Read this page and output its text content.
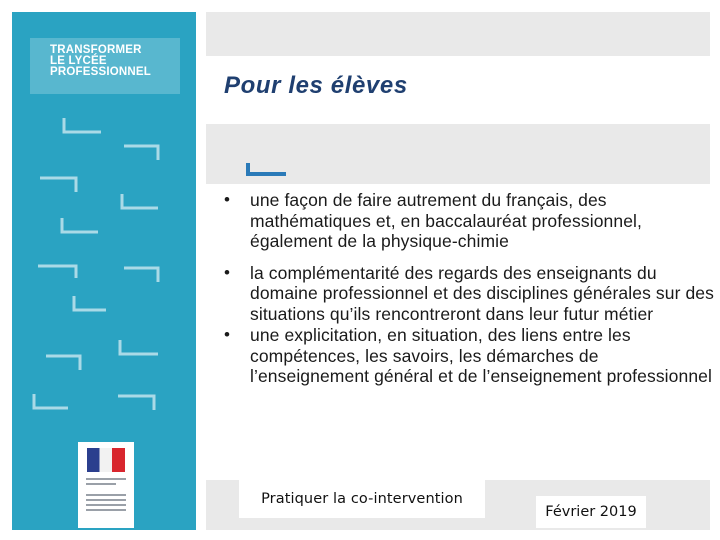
TRANSFORMER
LE LYCÉE
PROFESSIONNEL	Pour les élèves
• une façon de faire autrement du français, des mathématiques et, en baccalauréat professionnel, également de la physique-chimie
• la complémentarité des regards des enseignants du domaine professionnel et des disciplines générales sur des situations qu’ils rencontreront dans leur futur métier
• une explicitation, en situation, des liens entre les compétences, les savoirs, les démarches de l’enseignement général et de l’enseignement professionnel
Pratiquer la co-intervention
Février 2019
